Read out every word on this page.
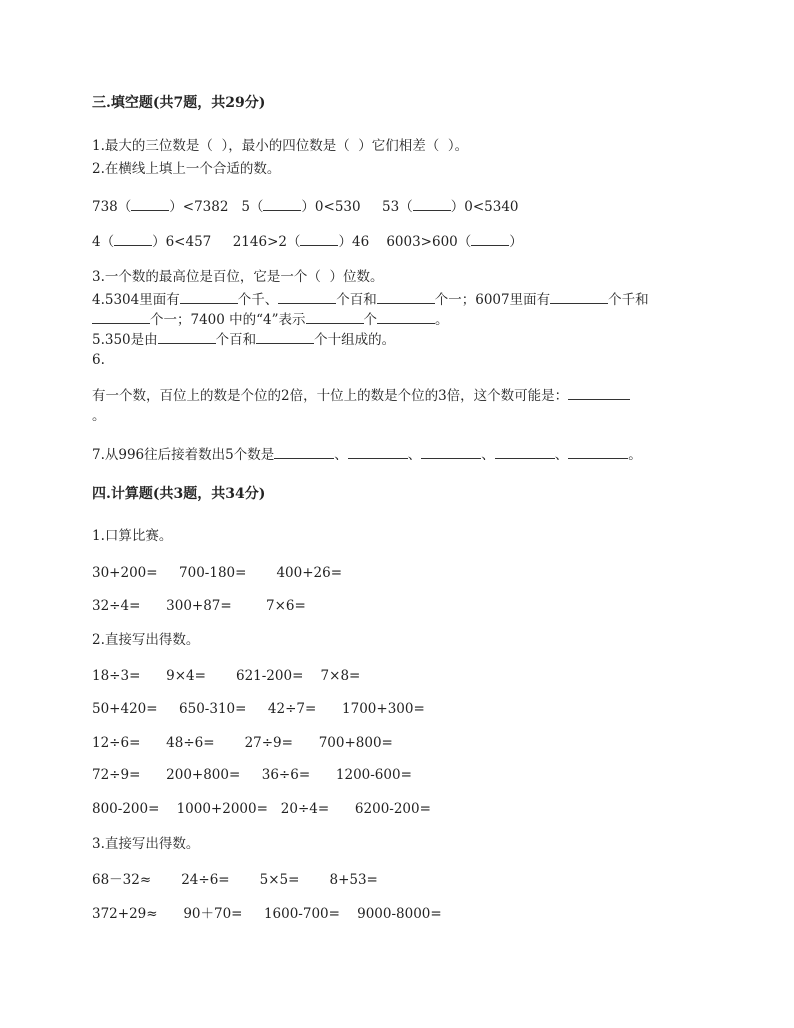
三.填空题(共7题，共29分)
1.最大的三位数是（  ），最小的四位数是（  ）它们相差（  ）。
2.在横线上填上一个合适的数。
738（	）<7382   5（	）0<530     53（	）0<5340
4（	）6<457     2146>2（	）46    6003>600（	）
3.一个数的最高位是百位，它是一个（  ）位数。
4.5304里面有	个千、	个百和	个一；6007里面有	个千和
个一；7400 中的“4”表示	个	。
5.350是由	个百和	个十组成的。
6.
有一个数，百位上的数是个位的2倍，十位上的数是个位的3倍，这个数可能是：
。
7.从996往后接着数出5个数是	、	、	、	、	。
四.计算题(共3题，共34分)
1.口算比赛。
30+200=     700-180=       400+26=
32÷4=      300+87=        7×6=
2.直接写出得数。
18÷3=      9×4=       621-200=    7×8=
50+420=     650-310=     42÷7=      1700+300=
12÷6=      48÷6=       27÷9=      700+800=
72÷9=      200+800=     36÷6=      1200-600=
800-200=    1000+2000=   20÷4=      6200-200=
3.直接写出得数。
68－32≈       24÷6=       5×5=       8+53=
372+29≈      90＋70=     1600-700=    9000-8000=
